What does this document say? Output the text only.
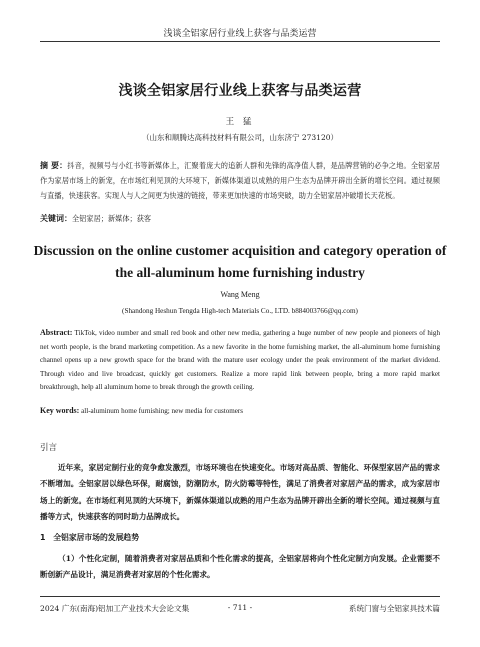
浅谈全铝家居行业线上获客与品类运营
浅谈全铝家居行业线上获客与品类运营
王 猛
（山东和顺腾达高科技材料有限公司，山东济宁 273120）
摘 要：抖音，视频号与小红书等新媒体上，汇聚着庞大的追新人群和先锋的高净值人群，是品牌营销的必争之地。全铝家居作为家居市场上的新宠，在市场红利见顶的大环境下，新媒体渠道以成熟的用户生态为品牌开辟出全新的增长空间。通过视频与直播，快速获客。实现人与人之间更为快速的链接，带来更加快速的市场突破，助力全铝家居冲破增长天花板。
关键词：全铝家居；新媒体；获客
Discussion on the online customer acquisition and category operation of the all-aluminum home furnishing industry
Wang Meng
(Shandong Heshun Tengda High-tech Materials Co., LTD. b884003766@qq.com)
Abstract: TikTok, video number and small red book and other new media, gathering a huge number of new people and pioneers of high net worth people, is the brand marketing competition. As a new favorite in the home furnishing market, the all-aluminum home furnishing channel opens up a new growth space for the brand with the mature user ecology under the peak environment of the market dividend. Through video and live broadcast, quickly get customers. Realize a more rapid link between people, bring a more rapid market breakthrough, help all aluminum home to break through the growth ceiling.
Key words: all-aluminum home furnishing; new media for customers
引言
近年来，家居定制行业的竞争愈发激烈，市场环境也在快速变化。市场对高品质、智能化、环保型家居产品的需求不断增加。全铝家居以绿色环保，耐腐蚀，防潮防水，防火防霉等特性，满足了消费者对家居产品的需求，成为家居市场上的新宠。在市场红利见顶的大环境下，新媒体渠道以成熟的用户生态为品牌开辟出全新的增长空间。通过视频与直播等方式，快速获客的同时助力品牌成长。
1　全铝家居市场的发展趋势
（1）个性化定制，随着消费者对家居品质和个性化需求的提高，全铝家居将向个性化定制方向发展。企业需要不断创新产品设计，满足消费者对家居的个性化需求。
2024 广东(南海)铝加工产业技术大会论文集	- 711 -	系统门窗与全铝家具技术篇
